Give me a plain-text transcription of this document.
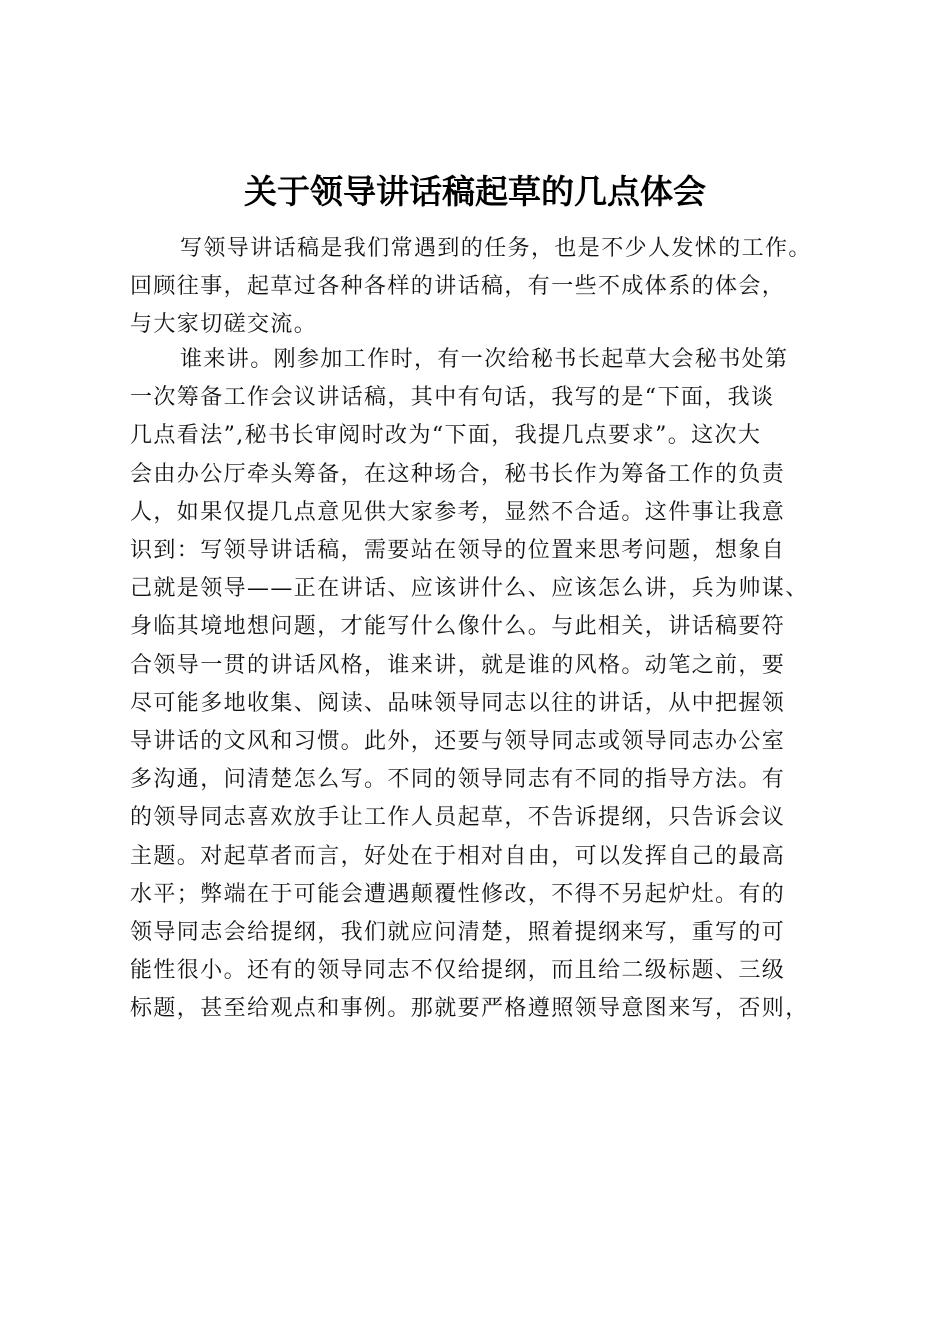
关于领导讲话稿起草的几点体会
写领导讲话稿是我们常遇到的任务，也是不少人发怵的工作。
回顾往事，起草过各种各样的讲话稿，有一些不成体系的体会，
与大家切磋交流。
谁来讲。刚参加工作时，有一次给秘书长起草大会秘书处第
一次筹备工作会议讲话稿，其中有句话，我写的是“下面，我谈
几点看法”,秘书长审阅时改为“下面，我提几点要求”。这次大
会由办公厅牵头筹备，在这种场合，秘书长作为筹备工作的负责
人，如果仅提几点意见供大家参考，显然不合适。这件事让我意
识到：写领导讲话稿，需要站在领导的位置来思考问题，想象自
己就是领导——正在讲话、应该讲什么、应该怎么讲，兵为帅谋、
身临其境地想问题，才能写什么像什么。与此相关，讲话稿要符
合领导一贯的讲话风格，谁来讲，就是谁的风格。动笔之前，要
尽可能多地收集、阅读、品味领导同志以往的讲话，从中把握领
导讲话的文风和习惯。此外，还要与领导同志或领导同志办公室
多沟通，问清楚怎么写。不同的领导同志有不同的指导方法。有
的领导同志喜欢放手让工作人员起草，不告诉提纲，只告诉会议
主题。对起草者而言，好处在于相对自由，可以发挥自己的最高
水平；弊端在于可能会遭遇颠覆性修改，不得不另起炉灶。有的
领导同志会给提纲，我们就应问清楚，照着提纲来写，重写的可
能性很小。还有的领导同志不仅给提纲，而且给二级标题、三级
标题，甚至给观点和事例。那就要严格遵照领导意图来写，否则，
